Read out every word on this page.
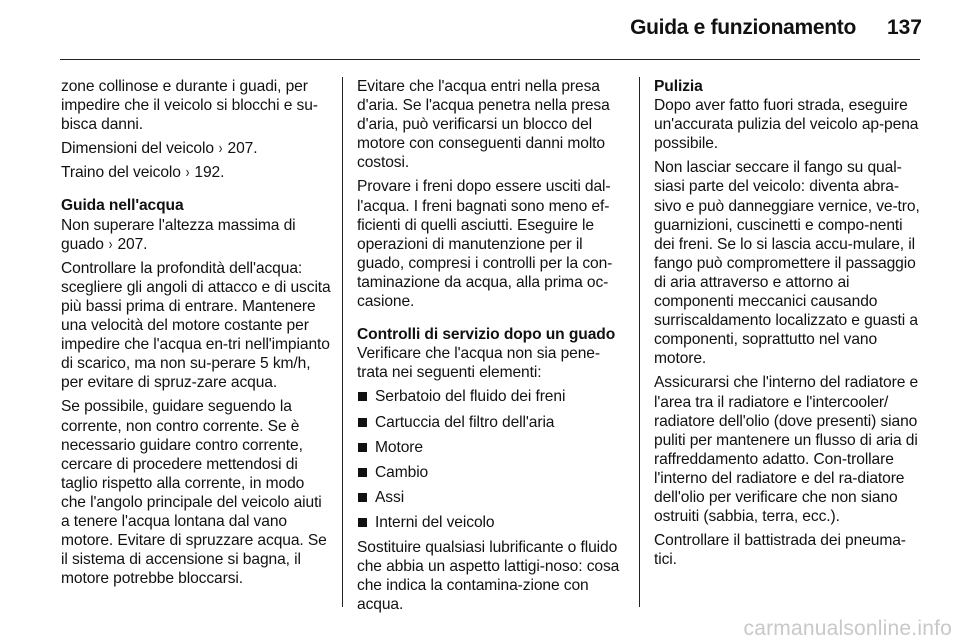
Guida e funzionamento 137

zone collinose e durante i guadi, per impedire che il veicolo si blocchi e su-bisca danni.

Dimensioni del veicolo › 207.

Traino del veicolo › 192.

Guida nell'acqua

Non superare l'altezza massima di guado › 207.

Controllare la profondità dell'acqua: scegliere gli angoli di attacco e di uscita più bassi prima di entrare. Mantenere una velocità del motore costante per impedire che l'acqua en-tri nell'impianto di scarico, ma non su-perare 5 km/h, per evitare di spruz-zare acqua.

Se possibile, guidare seguendo la corrente, non contro corrente. Se è necessario guidare contro corrente, cercare di procedere mettendosi di taglio rispetto alla corrente, in modo che l'angolo principale del veicolo aiuti a tenere l'acqua lontana dal vano motore. Evitare di spruzzare acqua. Se il sistema di accensione si bagna, il motore potrebbe bloccarsi.

Evitare che l'acqua entri nella presa d'aria. Se l'acqua penetra nella presa d'aria, può verificarsi un blocco del motore con conseguenti danni molto costosi.

Provare i freni dopo essere usciti dal-l'acqua. I freni bagnati sono meno ef-ficienti di quelli asciutti. Eseguire le operazioni di manutenzione per il guado, compresi i controlli per la con-taminazione da acqua, alla prima oc-casione.

Controlli di servizio dopo un guado

Verificare che l'acqua non sia pene-trata nei seguenti elementi:

Serbatoio del fluido dei freni
Cartuccia del filtro dell'aria
Motore
Cambio
Assi
Interni del veicolo

Sostituire qualsiasi lubrificante o fluido che abbia un aspetto lattigi-noso: cosa che indica la contamina-zione con acqua.

Pulizia

Dopo aver fatto fuori strada, eseguire un'accurata pulizia del veicolo ap-pena possibile.

Non lasciar seccare il fango su qual-siasi parte del veicolo: diventa abra-sivo e può danneggiare vernice, ve-tro, guarnizioni, cuscinetti e compo-nenti dei freni. Se lo si lascia accu-mulare, il fango può compromettere il passaggio di aria attraverso e attorno ai componenti meccanici causando surriscaldamento localizzato e guasti a componenti, soprattutto nel vano motore.

Assicurarsi che l'interno del radiatore e l'area tra il radiatore e l'intercooler/ radiatore dell'olio (dove presenti) siano puliti per mantenere un flusso di aria di raffreddamento adatto. Con-trollare l'interno del radiatore e del ra-diatore dell'olio per verificare che non siano ostruiti (sabbia, terra, ecc.).

Controllare il battistrada dei pneuma-tici.

carmanualsonline.info
